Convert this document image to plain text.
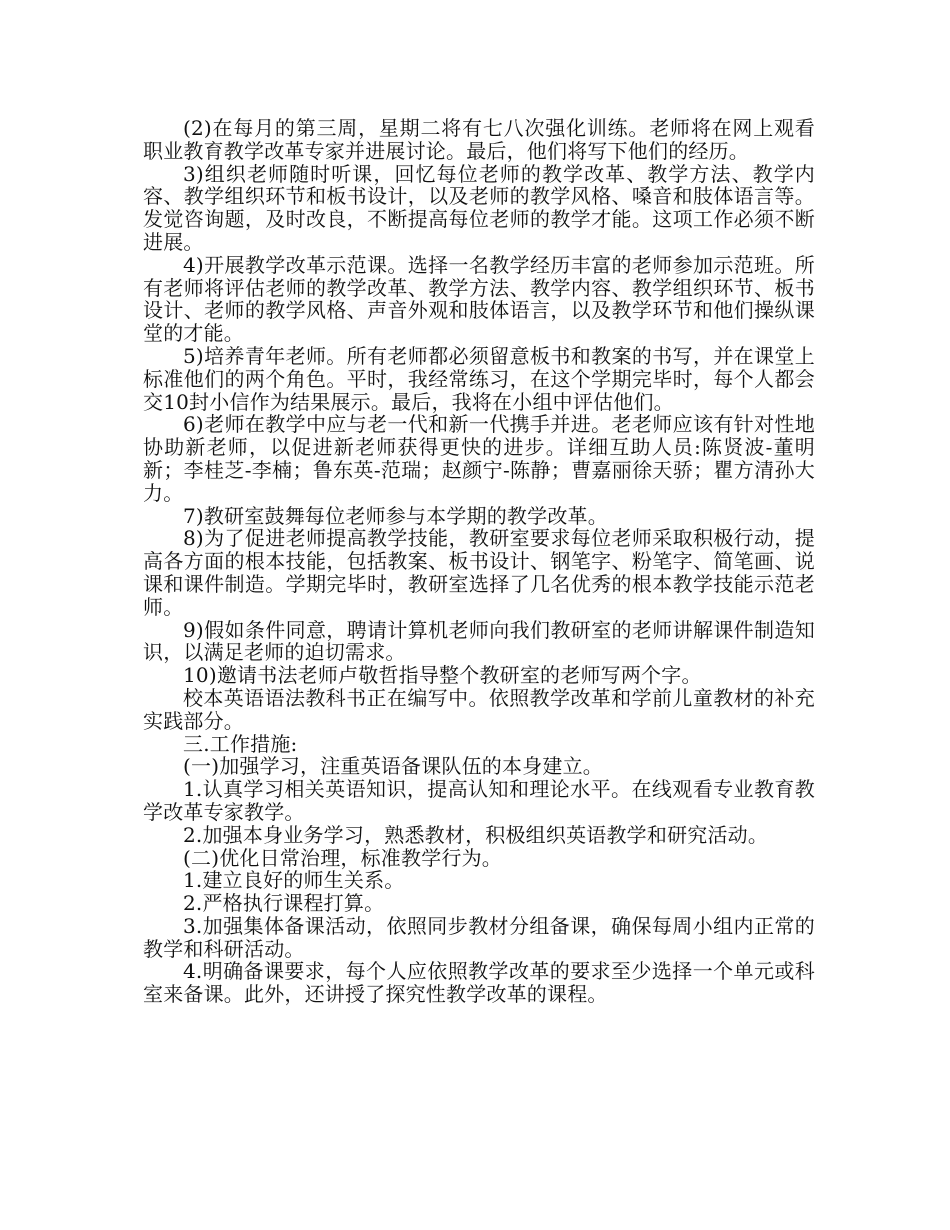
(2)在每月的第三周，星期二将有七八次强化训练。老师将在网上观看职业教育教学改革专家并进展讨论。最后，他们将写下他们的经历。

3)组织老师随时听课，回忆每位老师的教学改革、教学方法、教学内容、教学组织环节和板书设计，以及老师的教学风格、嗓音和肢体语言等。发觉咨询题，及时改良，不断提高每位老师的教学才能。这项工作必须不断进展。

4)开展教学改革示范课。选择一名教学经历丰富的老师参加示范班。所有老师将评估老师的教学改革、教学方法、教学内容、教学组织环节、板书设计、老师的教学风格、声音外观和肢体语言，以及教学环节和他们操纵课堂的才能。

5)培养青年老师。所有老师都必须留意板书和教案的书写，并在课堂上标准他们的两个角色。平时，我经常练习，在这个学期完毕时，每个人都会交10封小信作为结果展示。最后，我将在小组中评估他们。

6)老师在教学中应与老一代和新一代携手并进。老老师应该有针对性地协助新老师，以促进新老师获得更快的进步。详细互助人员:陈贤波-董明新；李桂芝-李楠；鲁东英-范瑞；赵颜宁-陈静；曹嘉丽徐天骄；瞿方清孙大力。

7)教研室鼓舞每位老师参与本学期的教学改革。

8)为了促进老师提高教学技能，教研室要求每位老师采取积极行动，提高各方面的根本技能，包括教案、板书设计、钢笔字、粉笔字、简笔画、说课和课件制造。学期完毕时，教研室选择了几名优秀的根本教学技能示范老师。

9)假如条件同意，聘请计算机老师向我们教研室的老师讲解课件制造知识，以满足老师的迫切需求。

10)邀请书法老师卢敬哲指导整个教研室的老师写两个字。

校本英语语法教科书正在编写中。依照教学改革和学前儿童教材的补充实践部分。

三.工作措施:

(一)加强学习，注重英语备课队伍的本身建立。

1.认真学习相关英语知识，提高认知和理论水平。在线观看专业教育教学改革专家教学。

2.加强本身业务学习，熟悉教材，积极组织英语教学和研究活动。

(二)优化日常治理，标准教学行为。

1.建立良好的师生关系。

2.严格执行课程打算。

3.加强集体备课活动，依照同步教材分组备课，确保每周小组内正常的教学和科研活动。

4.明确备课要求，每个人应依照教学改革的要求至少选择一个单元或科室来备课。此外，还讲授了探究性教学改革的课程。
